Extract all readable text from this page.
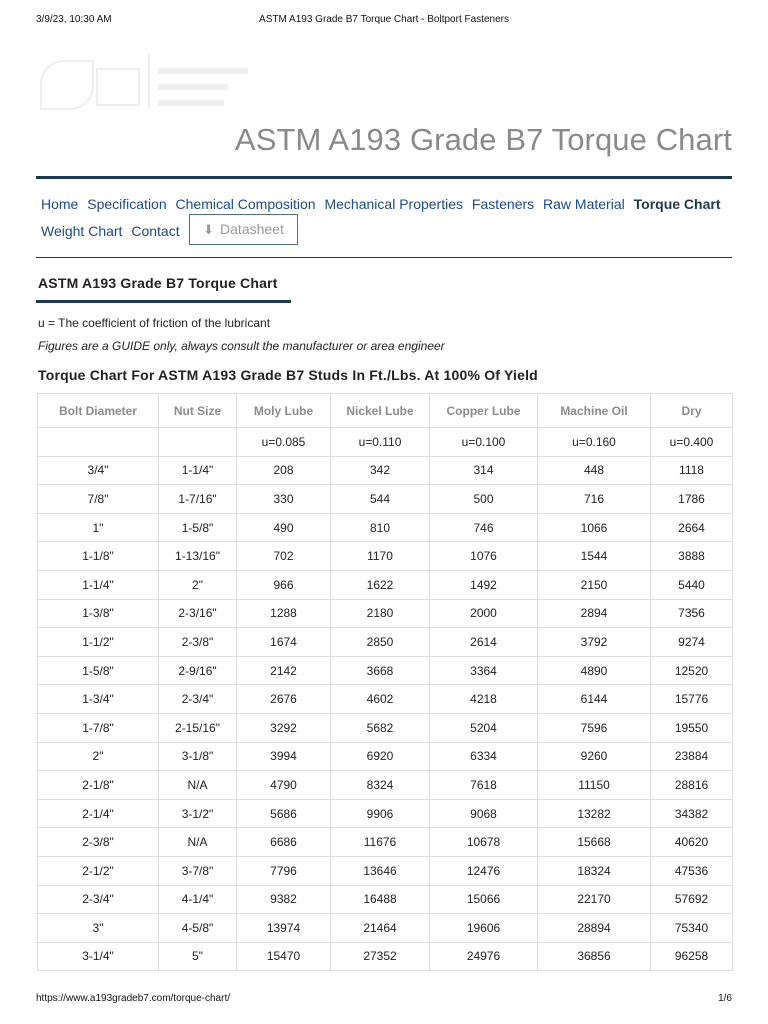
3/9/23, 10:30 AM	ASTM A193 Grade B7 Torque Chart - Boltport Fasteners
ASTM A193 Grade B7 Torque Chart
Home Specification Chemical Composition Mechanical Properties Fasteners Raw Material Torque Chart
Weight Chart Contact	⬇ Datasheet
ASTM A193 Grade B7 Torque Chart
u = The coefficient of friction of the lubricant
Figures are a GUIDE only, always consult the manufacturer or area engineer
Torque Chart For ASTM A193 Grade B7 Studs In Ft./Lbs. At 100% Of Yield
Bolt Diameter	Nut Size	Moly Lube	Nickel Lube	Copper Lube	Machine Oil	Dry
		u=0.085	u=0.110	u=0.100	u=0.160	u=0.400
3/4"	1-1/4"	208	342	314	448	1118
7/8"	1-7/16"	330	544	500	716	1786
1"	1-5/8"	490	810	746	1066	2664
1-1/8"	1-13/16"	702	1170	1076	1544	3888
1-1/4"	2"	966	1622	1492	2150	5440
1-3/8"	2-3/16"	1288	2180	2000	2894	7356
1-1/2"	2-3/8"	1674	2850	2614	3792	9274
1-5/8"	2-9/16"	2142	3668	3364	4890	12520
1-3/4"	2-3/4"	2676	4602	4218	6144	15776
1-7/8"	2-15/16"	3292	5682	5204	7596	19550
2"	3-1/8"	3994	6920	6334	9260	23884
2-1/8"	N/A	4790	8324	7618	11150	28816
2-1/4"	3-1/2"	5686	9906	9068	13282	34382
2-3/8"	N/A	6686	11676	10678	15668	40620
2-1/2"	3-7/8"	7796	13646	12476	18324	47536
2-3/4"	4-1/4"	9382	16488	15066	22170	57692
3"	4-5/8"	13974	21464	19606	28894	75340
3-1/4"	5"	15470	27352	24976	36856	96258
https://www.a193gradeb7.com/torque-chart/	1/6
